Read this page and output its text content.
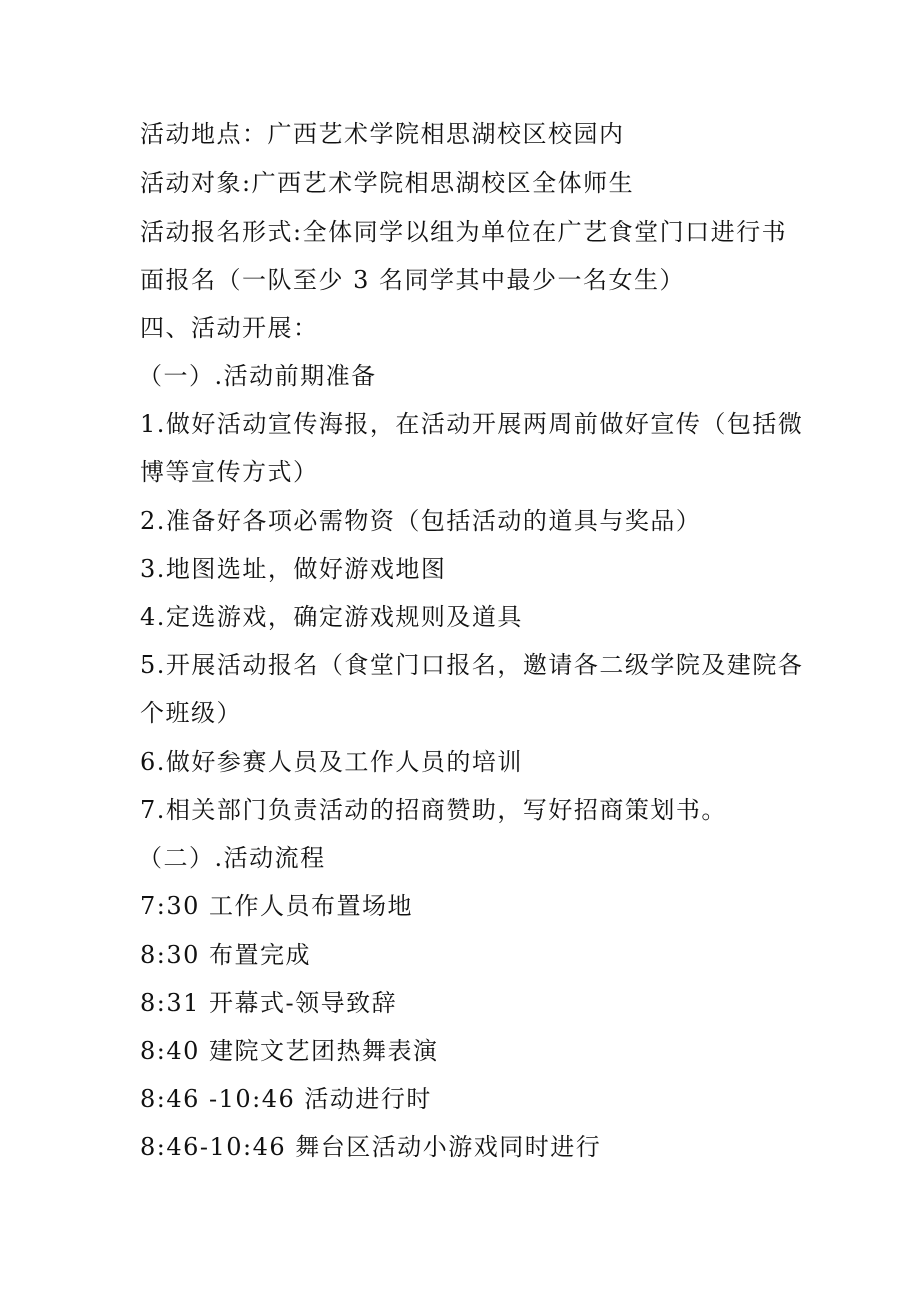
活动地点：广西艺术学院相思湖校区校园内
活动对象:广西艺术学院相思湖校区全体师生
活动报名形式:全体同学以组为单位在广艺食堂门口进行书
面报名（一队至少 3 名同学其中最少一名女生）
四、活动开展：
（一）.活动前期准备
1.做好活动宣传海报，在活动开展两周前做好宣传（包括微
博等宣传方式）
2.准备好各项必需物资（包括活动的道具与奖品）
3.地图选址，做好游戏地图
4.定选游戏，确定游戏规则及道具
5.开展活动报名（食堂门口报名，邀请各二级学院及建院各
个班级）
6.做好参赛人员及工作人员的培训
7.相关部门负责活动的招商赞助，写好招商策划书。
（二）.活动流程
7:30 工作人员布置场地
8:30 布置完成
8:31 开幕式-领导致辞
8:40 建院文艺团热舞表演
8:46 -10:46 活动进行时
8:46-10:46 舞台区活动小游戏同时进行
